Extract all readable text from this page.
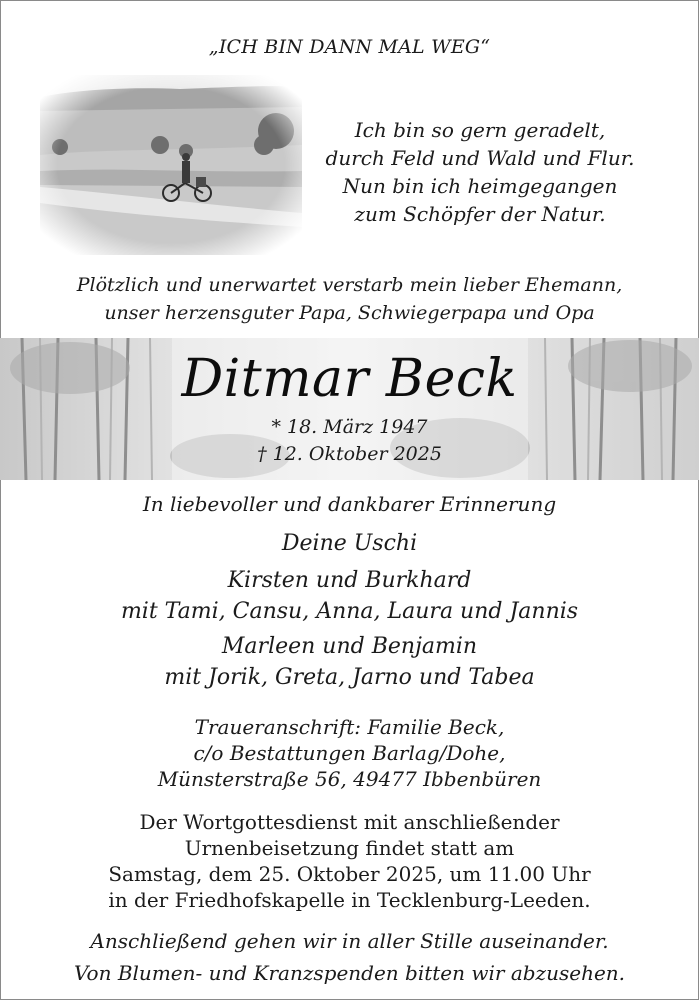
„ICH BIN DANN MAL WEG“
Ich bin so gern geradelt,
durch Feld und Wald und Flur.
Nun bin ich heimgegangen
zum Schöpfer der Natur.
Plötzlich und unerwartet verstarb mein lieber Ehemann,
unser herzensguter Papa, Schwiegerpapa und Opa
Ditmar Beck
* 18. März 1947
† 12. Oktober 2025
In liebevoller und dankbarer Erinnerung
Deine Uschi
Kirsten und Burkhard
mit Tami, Cansu, Anna, Laura und Jannis
Marleen und Benjamin
mit Jorik, Greta, Jarno und Tabea
Traueranschrift: Familie Beck,
c/o Bestattungen Barlag/Dohe,
Münsterstraße 56, 49477 Ibbenbüren
Der Wortgottesdienst mit anschließender
Urnenbeisetzung findet statt am
Samstag, dem 25. Oktober 2025, um 11.00 Uhr
in der Friedhofskapelle in Tecklenburg-Leeden.
Anschließend gehen wir in aller Stille auseinander.
Von Blumen- und Kranzspenden bitten wir abzusehen.
